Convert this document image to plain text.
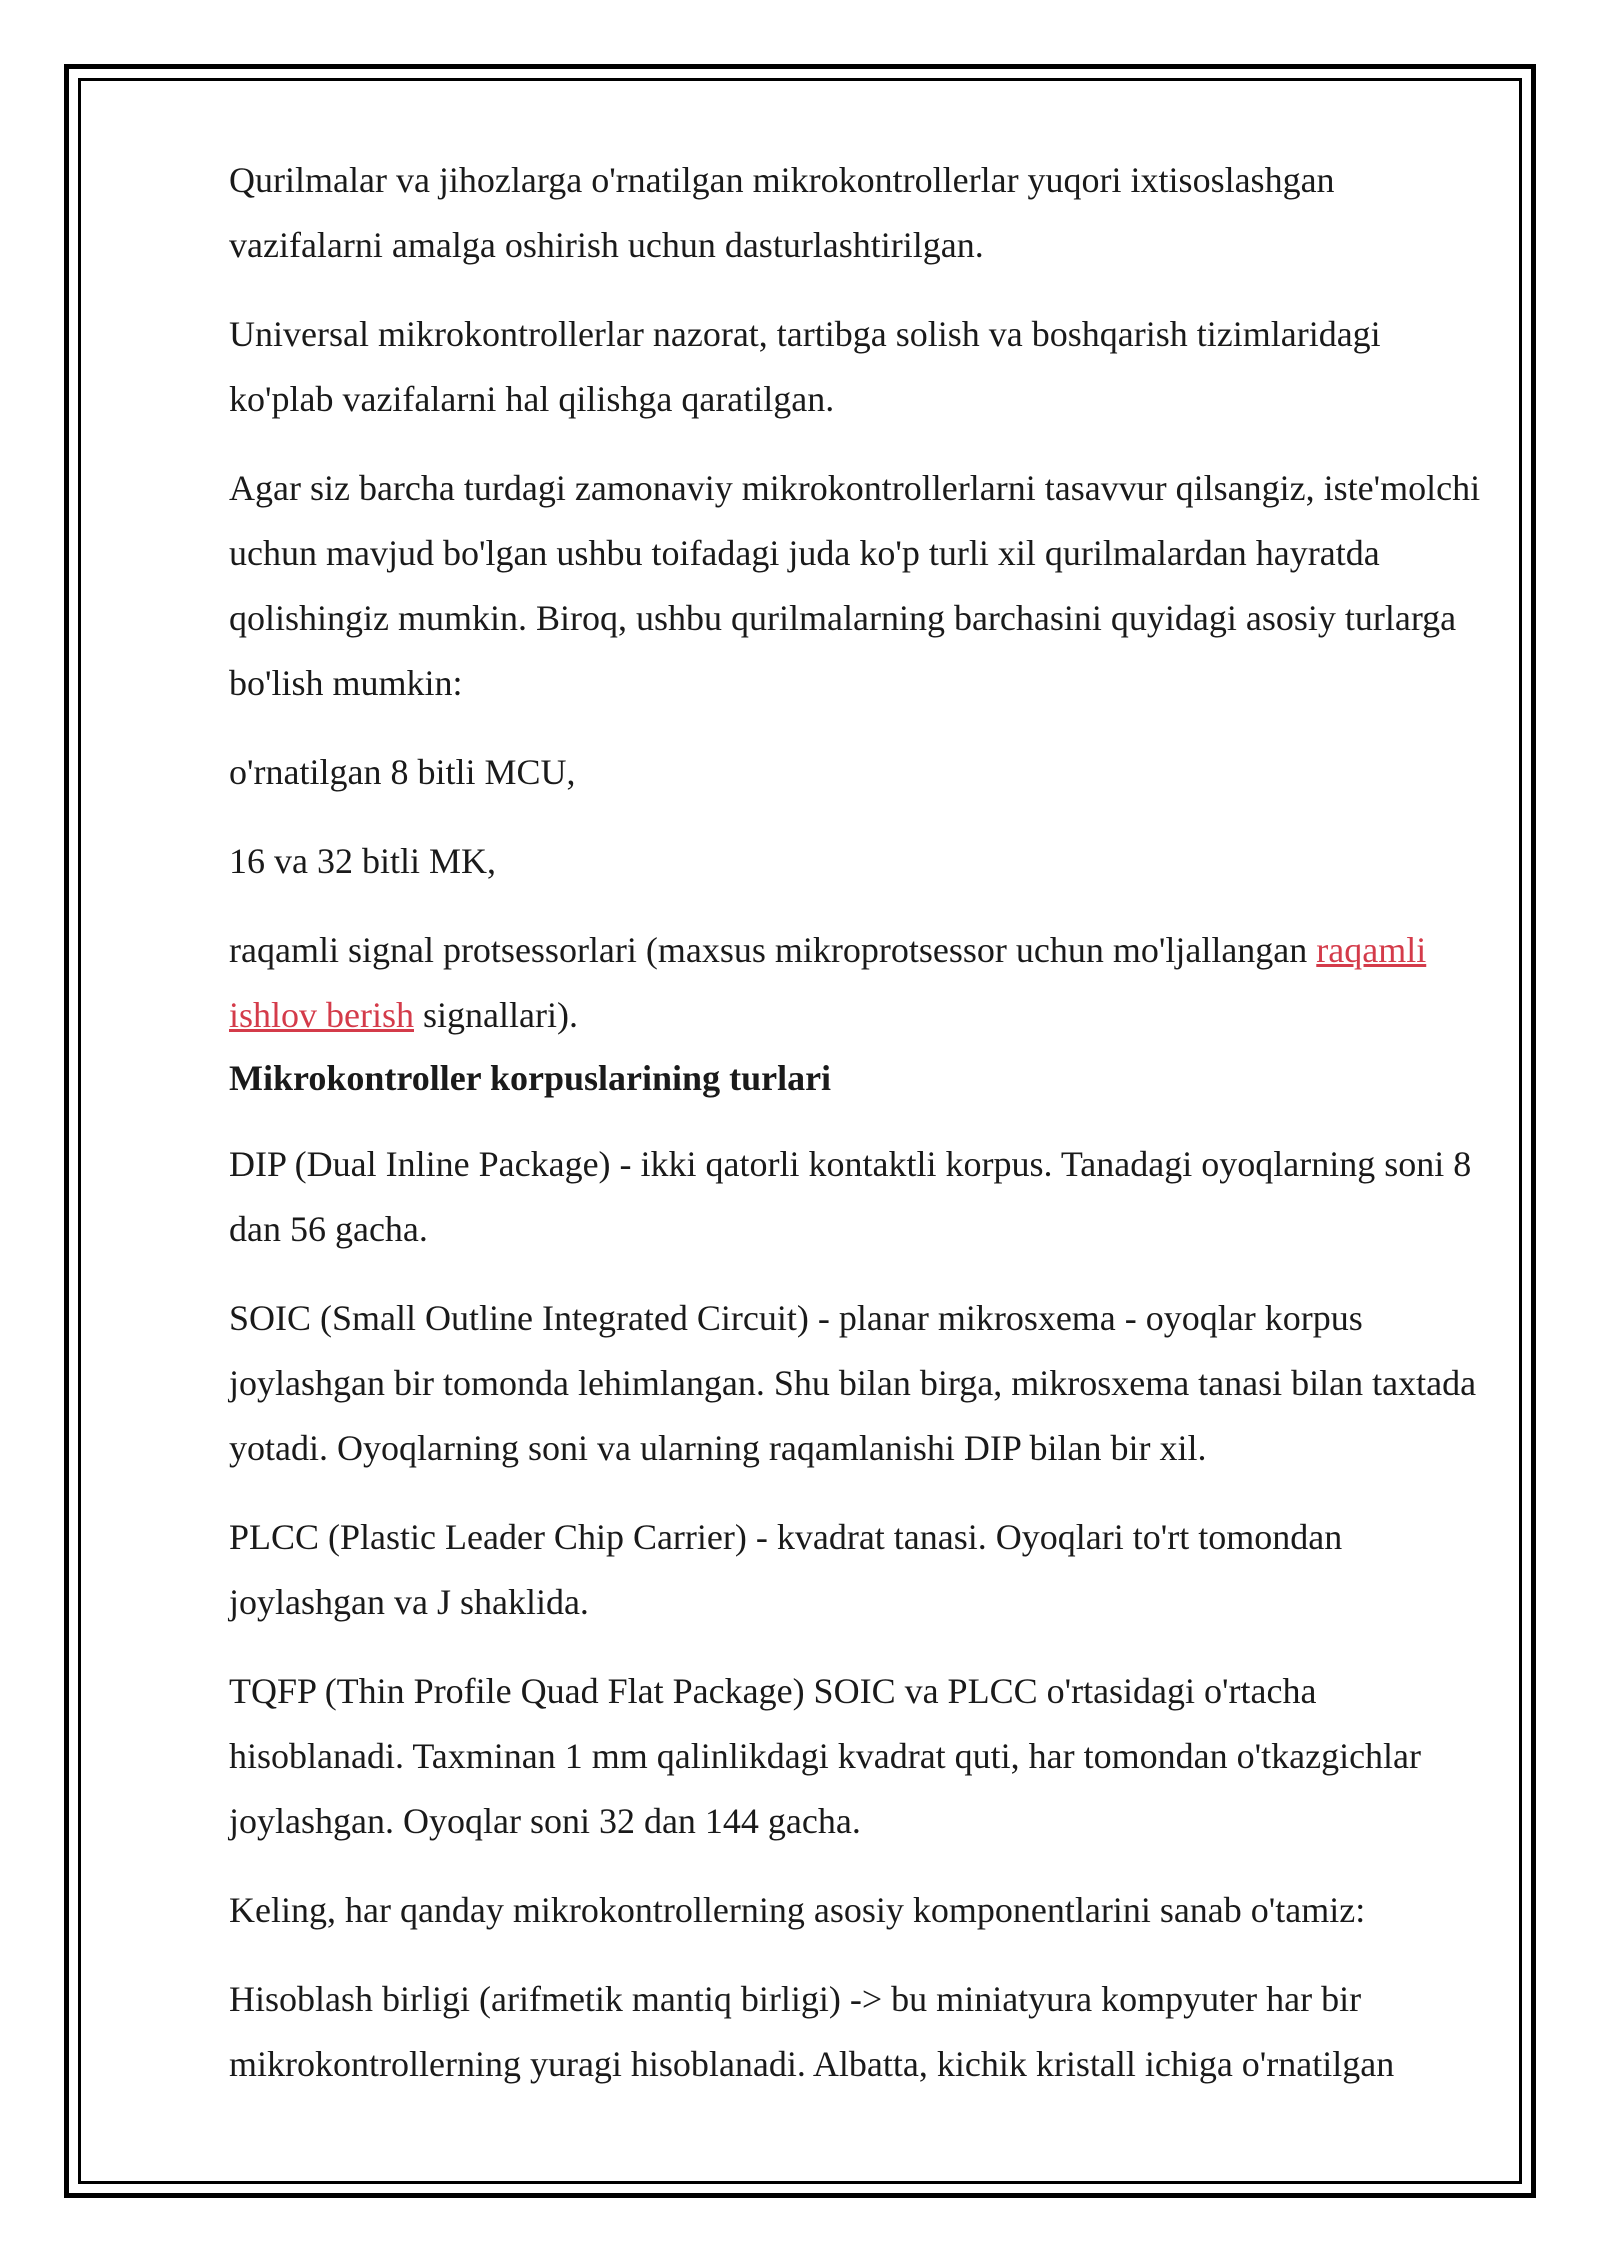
Qurilmalar va jihozlarga o'rnatilgan mikrokontrollerlar yuqori ixtisoslashgan vazifalarni amalga oshirish uchun dasturlashtirilgan.

Universal mikrokontrollerlar nazorat, tartibga solish va boshqarish tizimlaridagi ko'plab vazifalarni hal qilishga qaratilgan.

Agar siz barcha turdagi zamonaviy mikrokontrollerlarni tasavvur qilsangiz, iste'molchi uchun mavjud bo'lgan ushbu toifadagi juda ko'p turli xil qurilmalardan hayratda qolishingiz mumkin. Biroq, ushbu qurilmalarning barchasini quyidagi asosiy turlarga bo'lish mumkin:

o'rnatilgan 8 bitli MCU,

16 va 32 bitli MK,

raqamli signal protsessorlari (maxsus mikroprotsessor uchun mo'ljallangan raqamli ishlov berish signallari).

Mikrokontroller korpuslarining turlari

DIP (Dual Inline Package) - ikki qatorli kontaktli korpus. Tanadagi oyoqlarning soni 8 dan 56 gacha.

SOIC (Small Outline Integrated Circuit) - planar mikrosxema - oyoqlar korpus joylashgan bir tomonda lehimlangan. Shu bilan birga, mikrosxema tanasi bilan taxtada yotadi. Oyoqlarning soni va ularning raqamlanishi DIP bilan bir xil.

PLCC (Plastic Leader Chip Carrier) - kvadrat tanasi. Oyoqlari to'rt tomondan joylashgan va J shaklida.

TQFP (Thin Profile Quad Flat Package) SOIC va PLCC o'rtasidagi o'rtacha hisoblanadi. Taxminan 1 mm qalinlikdagi kvadrat quti, har tomondan o'tkazgichlar joylashgan. Oyoqlar soni 32 dan 144 gacha.

Keling, har qanday mikrokontrollerning asosiy komponentlarini sanab o'tamiz:

Hisoblash birligi (arifmetik mantiq birligi) -> bu miniatyura kompyuter har bir mikrokontrollerning yuragi hisoblanadi. Albatta, kichik kristall ichiga o'rnatilgan
